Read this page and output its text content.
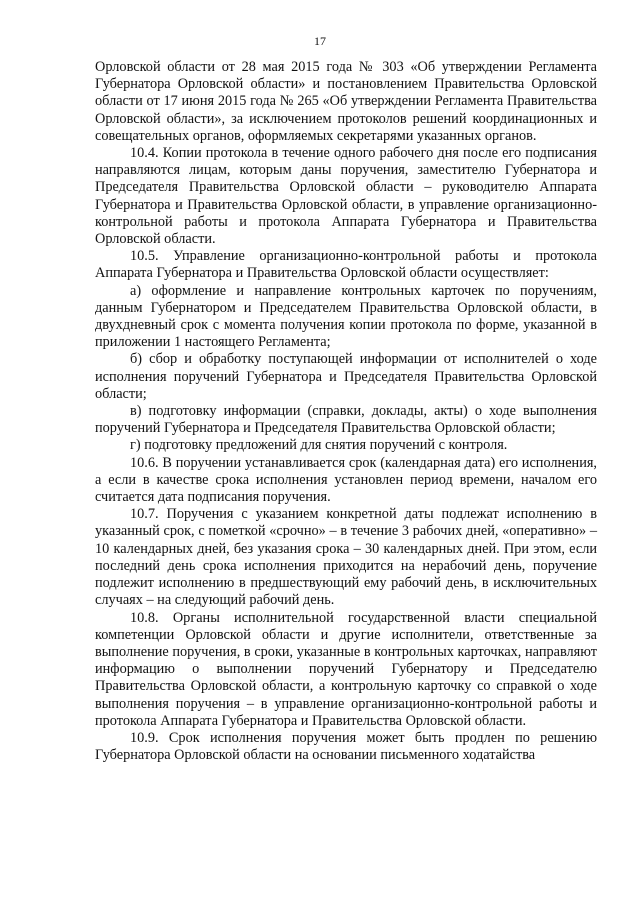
17

Орловской области от 28 мая 2015 года № 303 «Об утверждении Регламента Губернатора Орловской области» и постановлением Правительства Орловской области от 17 июня 2015 года № 265 «Об утверждении Регламента Правительства Орловской области», за исключением протоколов решений координационных и совещательных органов, оформляемых секретарями указанных органов.

10.4. Копии протокола в течение одного рабочего дня после его подписания направляются лицам, которым даны поручения, заместителю Губернатора и Председателя Правительства Орловской области – руководителю Аппарата Губернатора и Правительства Орловской области, в управление организационно-контрольной работы и протокола Аппарата Губернатора и Правительства Орловской области.

10.5. Управление организационно-контрольной работы и протокола Аппарата Губернатора и Правительства Орловской области осуществляет:

а) оформление и направление контрольных карточек по поручениям, данным Губернатором и Председателем Правительства Орловской области, в двухдневный срок с момента получения копии протокола по форме, указанной в приложении 1 настоящего Регламента;

б) сбор и обработку поступающей информации от исполнителей о ходе исполнения поручений Губернатора и Председателя Правительства Орловской области;

в) подготовку информации (справки, доклады, акты) о ходе выполнения поручений Губернатора и Председателя Правительства Орловской области;

г) подготовку предложений для снятия поручений с контроля.

10.6. В поручении устанавливается срок (календарная дата) его исполнения, а если в качестве срока исполнения установлен период времени, началом его считается дата подписания поручения.

10.7. Поручения с указанием конкретной даты подлежат исполнению в указанный срок, с пометкой «срочно» – в течение 3 рабочих дней, «оперативно» – 10 календарных дней, без указания срока – 30 календарных дней. При этом, если последний день срока исполнения приходится на нерабочий день, поручение подлежит исполнению в предшествующий ему рабочий день, в исключительных случаях – на следующий рабочий день.

10.8. Органы исполнительной государственной власти специальной компетенции Орловской области и другие исполнители, ответственные за выполнение поручения, в сроки, указанные в контрольных карточках, направляют информацию о выполнении поручений Губернатору и Председателю Правительства Орловской области, а контрольную карточку со справкой о ходе выполнения поручения – в управление организационно-контрольной работы и протокола Аппарата Губернатора и Правительства Орловской области.

10.9. Срок исполнения поручения может быть продлен по решению Губернатора Орловской области на основании письменного ходатайства
